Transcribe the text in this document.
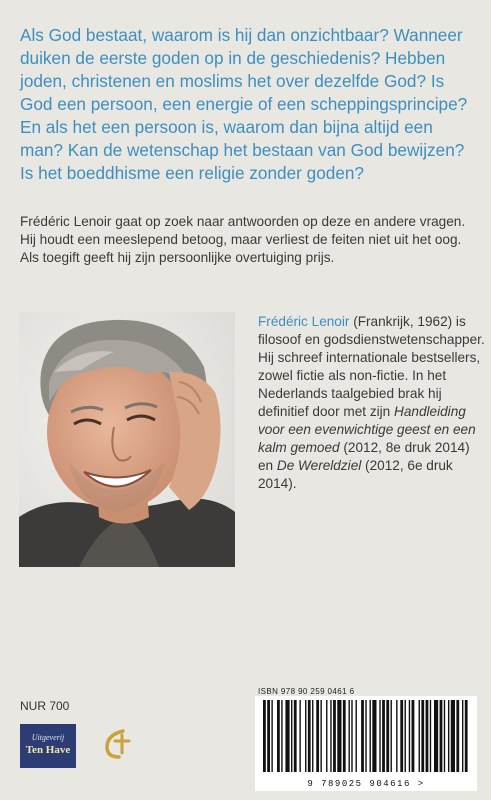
Als God bestaat, waarom is hij dan onzichtbaar? Wanneer duiken de eerste goden op in de geschiedenis? Hebben joden, christenen en moslims het over dezelfde God? Is God een persoon, een energie of een scheppingsprincipe? En als het een persoon is, waarom dan bijna altijd een man? Kan de wetenschap het bestaan van God bewijzen? Is het boeddhisme een religie zonder goden?

Frédéric Lenoir gaat op zoek naar antwoorden op deze en andere vragen. Hij houdt een meeslepend betoog, maar verliest de feiten niet uit het oog. Als toegift geeft hij zijn persoonlijke overtuiging prijs.

Frédéric Lenoir (Frankrijk, 1962) is filosoof en godsdienstwetenschapper. Hij schreef internationale bestsellers, zowel fictie als non-fictie. In het Nederlands taalgebied brak hij definitief door met zijn Handleiding voor een evenwichtige geest en een kalm gemoed (2012, 8e druk 2014) en De Wereldziel (2012, 6e druk 2014).

NUR 700

Uitgeverij
Ten Have

ISBN 978 90 259 0461 6

9 789025 904616 >
